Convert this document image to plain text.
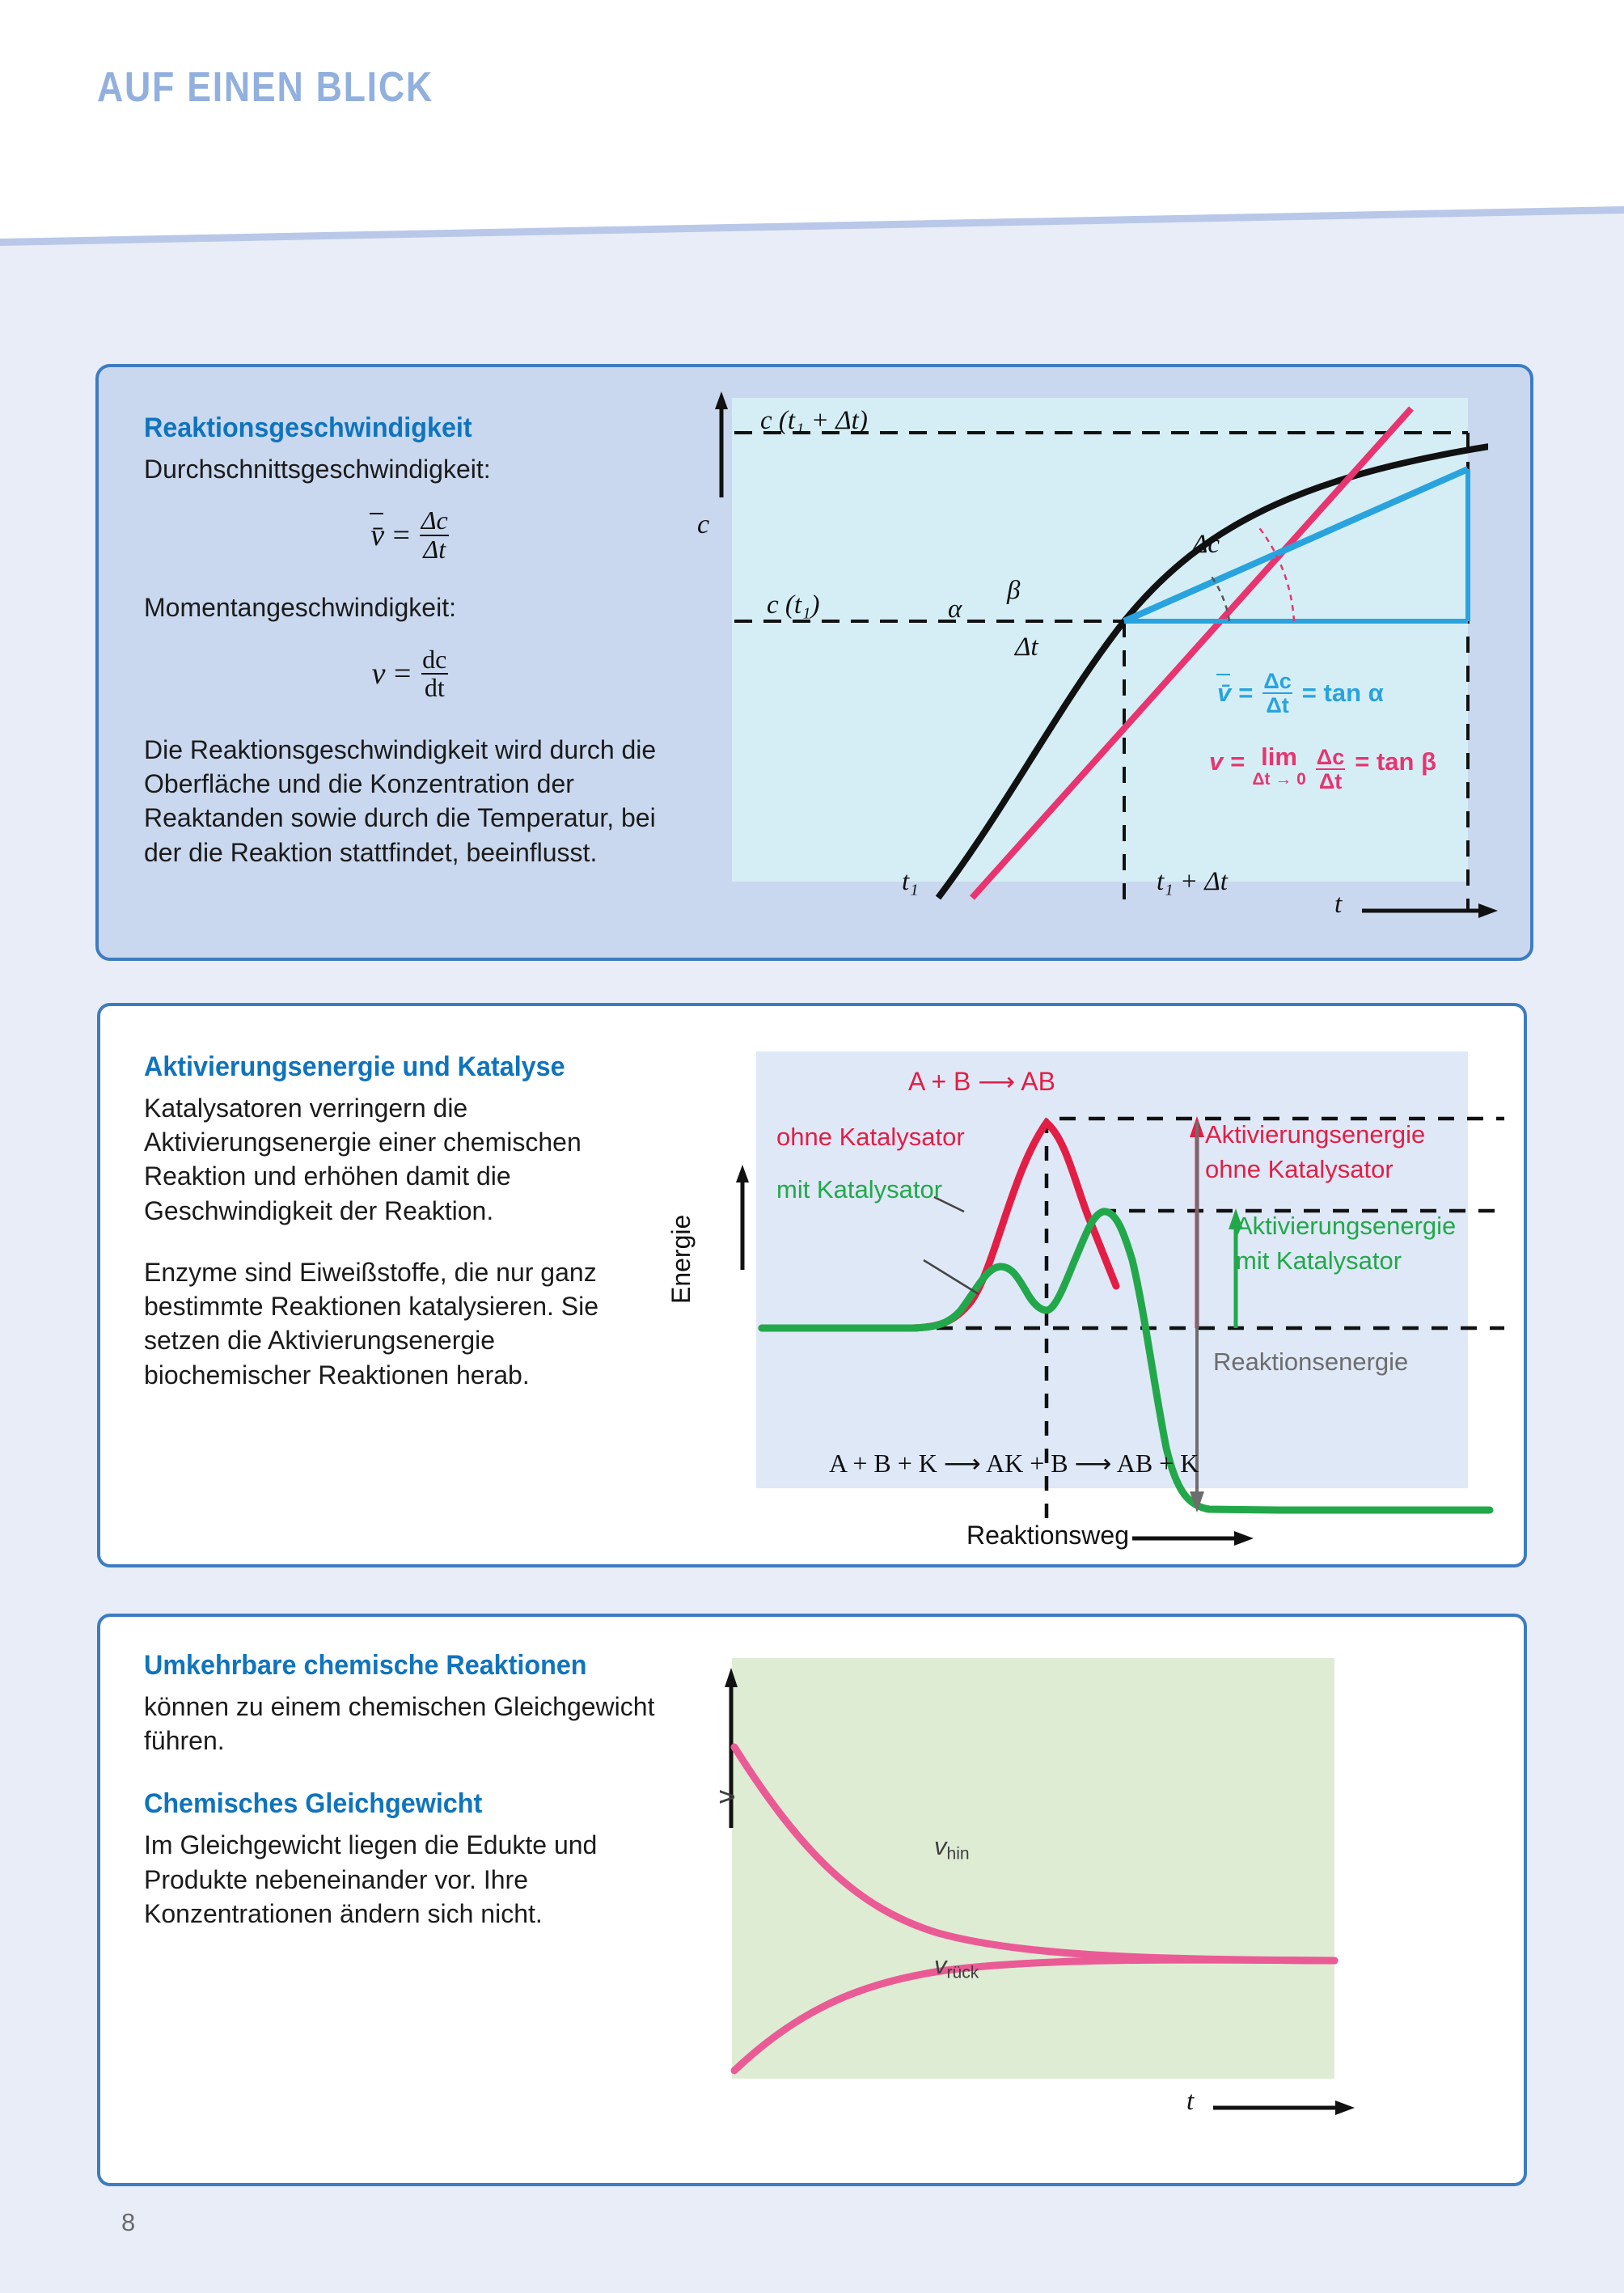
AUF EINEN BLICK
Reaktionsgeschwindigkeit

Durchschnittsgeschwindigkeit:

v̄ = $\frac{\Delta c}{\Delta t}$

Momentangeschwindigkeit:

$v = \frac{dc}{dt}$

Die Reaktionsgeschwindigkeit wird durch die Oberfläche und die Konzentration der Reaktanden sowie durch die Temperatur, bei der die Reaktion stattfindet, beeinflusst.

c
c (t₁ + Δt)
c (t₁)
Δc
Δt
α
β
t₁	t₁ + Δt
t
v̄ = $\frac{\Delta c}{\Delta t} = \tan \alpha$
v = lim
$\Delta t \to 0 \frac{\Delta c}{\Delta t} = \tan \beta$
Aktivierungsenergie und Katalyse

Katalysatoren verringern die Aktivierungsenergie einer chemischen Reaktion und erhöhen damit die Geschwindigkeit der Reaktion.

Enzyme sind Eiweißstoffe, die nur ganz bestimmte Reaktionen katalysieren. Sie setzen die Aktivierungsenergie biochemischer Reaktionen herab.

A + B ⟶ AB
ohne Katalysator
mit Katalysator
Aktivierungsenergie
ohne Katalysator
Aktivierungsenergie
mit Katalysator
Reaktionsenergie
A + B + K ⟶ AK + B ⟶ AB + K
Energie
Reaktionsweg
Umkehrbare chemische Reaktionen

können zu einem chemischen Gleichgewicht führen.

Chemisches Gleichgewicht

Im Gleichgewicht liegen die Edukte und Produkte nebeneinander vor. Ihre Konzentrationen ändern sich nicht.

v
$v_{hin}$
$v_{rück}$
t
8
